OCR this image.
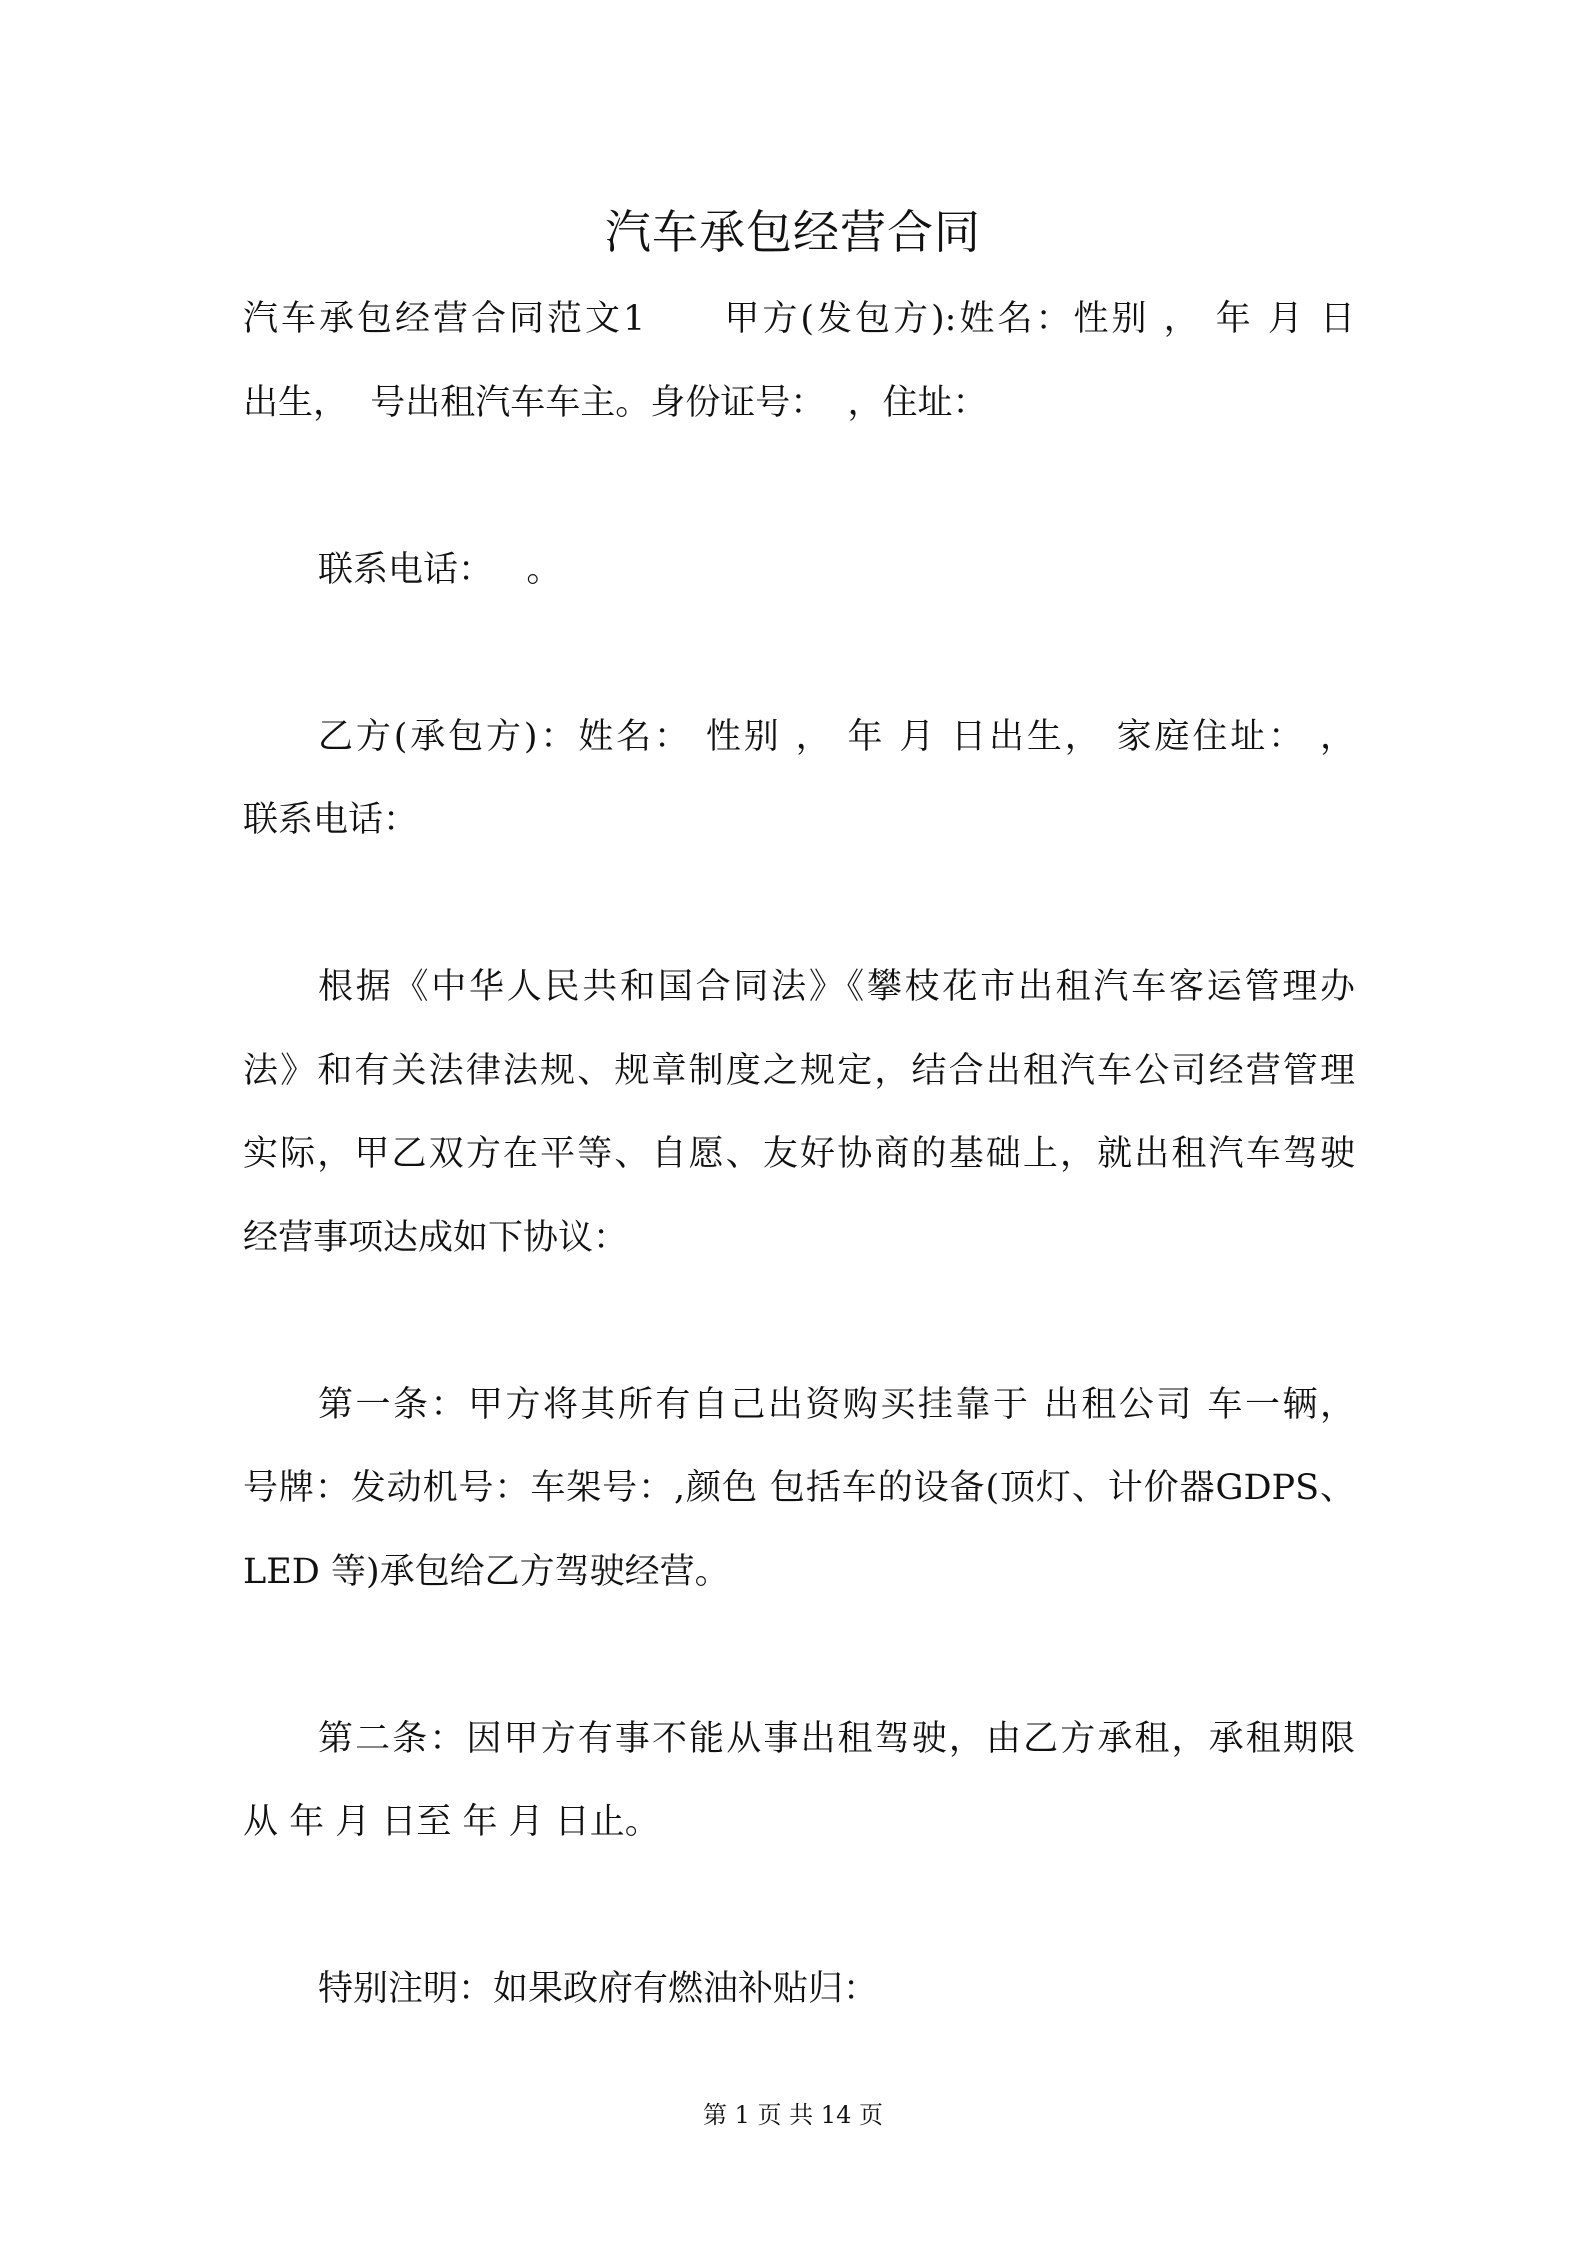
汽车承包经营合同
汽车承包经营合同范文1　　甲方(发包方):姓名：性别 ， 年 月 日
出生，  号出租汽车车主。身份证号：  ，住址：
联系电话：   。
乙方(承包方)：姓名： 性别 ， 年 月 日出生， 家庭住址： ，
联系电话：
根据《中华人民共和国合同法》《攀枝花市出租汽车客运管理办
法》和有关法律法规、规章制度之规定，结合出租汽车公司经营管理
实际，甲乙双方在平等、自愿、友好协商的基础上，就出租汽车驾驶
经营事项达成如下协议：
第一条：甲方将其所有自己出资购买挂靠于 出租公司 车一辆，
号牌：发动机号：车架号：,颜色 包括车的设备(顶灯、计价器GDPS、
LED 等)承包给乙方驾驶经营。
第二条：因甲方有事不能从事出租驾驶，由乙方承租，承租期限
从 年 月 日至 年 月 日止。
特别注明：如果政府有燃油补贴归：
第 1 页 共 14 页
